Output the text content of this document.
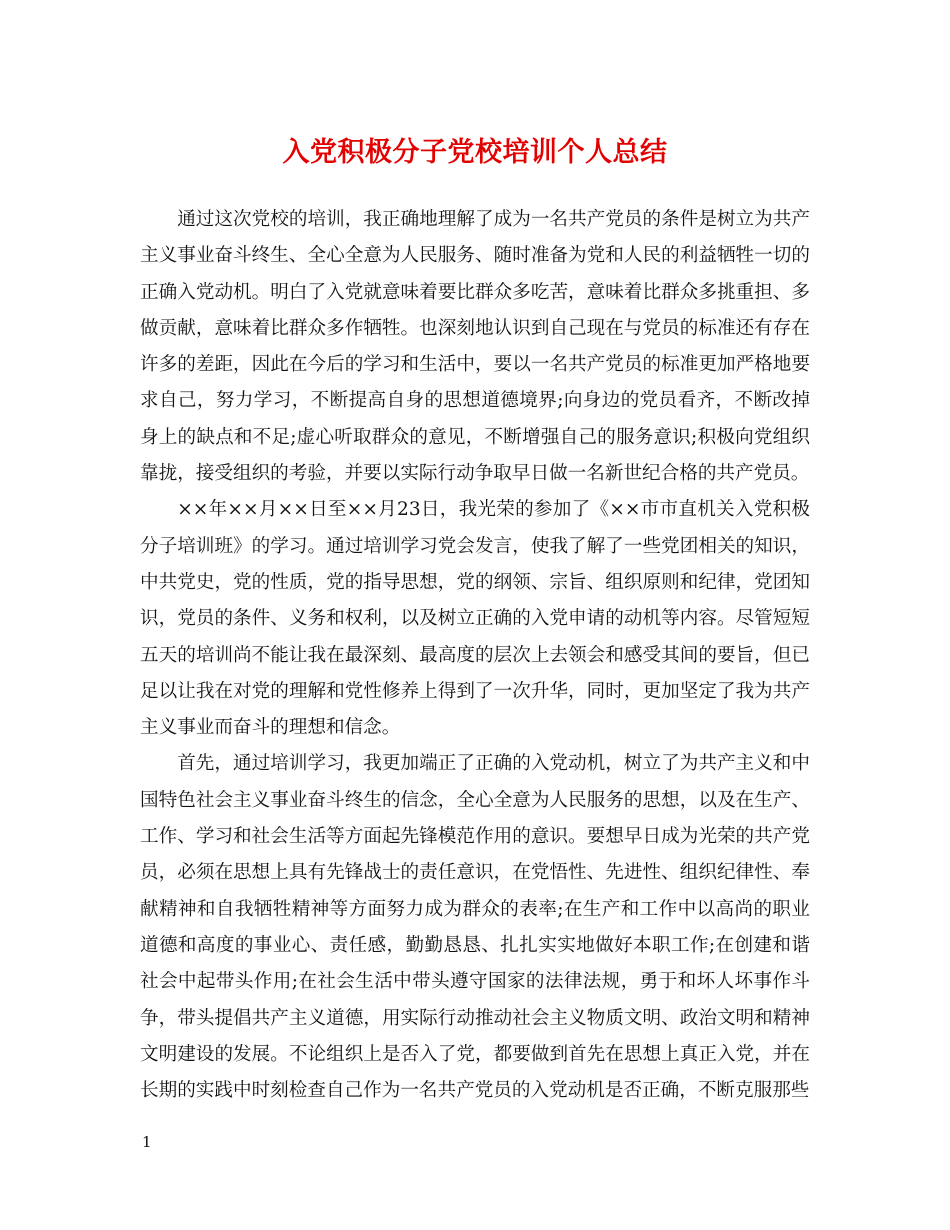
入党积极分子党校培训个人总结

通过这次党校的培训，我正确地理解了成为一名共产党员的条件是树立为共产主义事业奋斗终生、全心全意为人民服务、随时准备为党和人民的利益牺牲一切的正确入党动机。明白了入党就意味着要比群众多吃苦，意味着比群众多挑重担、多做贡献，意味着比群众多作牺牲。也深刻地认识到自己现在与党员的标准还有存在许多的差距，因此在今后的学习和生活中，要以一名共产党员的标准更加严格地要求自己，努力学习，不断提高自身的思想道德境界;向身边的党员看齐，不断改掉身上的缺点和不足;虚心听取群众的意见，不断增强自己的服务意识;积极向党组织靠拢，接受组织的考验，并要以实际行动争取早日做一名新世纪合格的共产党员。

××年××月××日至××月23日，我光荣的参加了《××市市直机关入党积极分子培训班》的学习。通过培训学习党会发言，使我了解了一些党团相关的知识，中共党史，党的性质，党的指导思想，党的纲领、宗旨、组织原则和纪律，党团知识，党员的条件、义务和权利，以及树立正确的入党申请的动机等内容。尽管短短五天的培训尚不能让我在最深刻、最高度的层次上去领会和感受其间的要旨，但已足以让我在对党的理解和党性修养上得到了一次升华，同时，更加坚定了我为共产主义事业而奋斗的理想和信念。

首先，通过培训学习，我更加端正了正确的入党动机，树立了为共产主义和中国特色社会主义事业奋斗终生的信念，全心全意为人民服务的思想，以及在生产、工作、学习和社会生活等方面起先锋模范作用的意识。要想早日成为光荣的共产党员，必须在思想上具有先锋战士的责任意识，在党悟性、先进性、组织纪律性、奉献精神和自我牺牲精神等方面努力成为群众的表率;在生产和工作中以高尚的职业道德和高度的事业心、责任感，勤勤恳恳、扎扎实实地做好本职工作;在创建和谐社会中起带头作用;在社会生活中带头遵守国家的法律法规，勇于和坏人坏事作斗争，带头提倡共产主义道德，用实际行动推动社会主义物质文明、政治文明和精神文明建设的发展。不论组织上是否入了党，都要做到首先在思想上真正入党，并在长期的实践中时刻检查自己作为一名共产党员的入党动机是否正确，不断克服那些

1
